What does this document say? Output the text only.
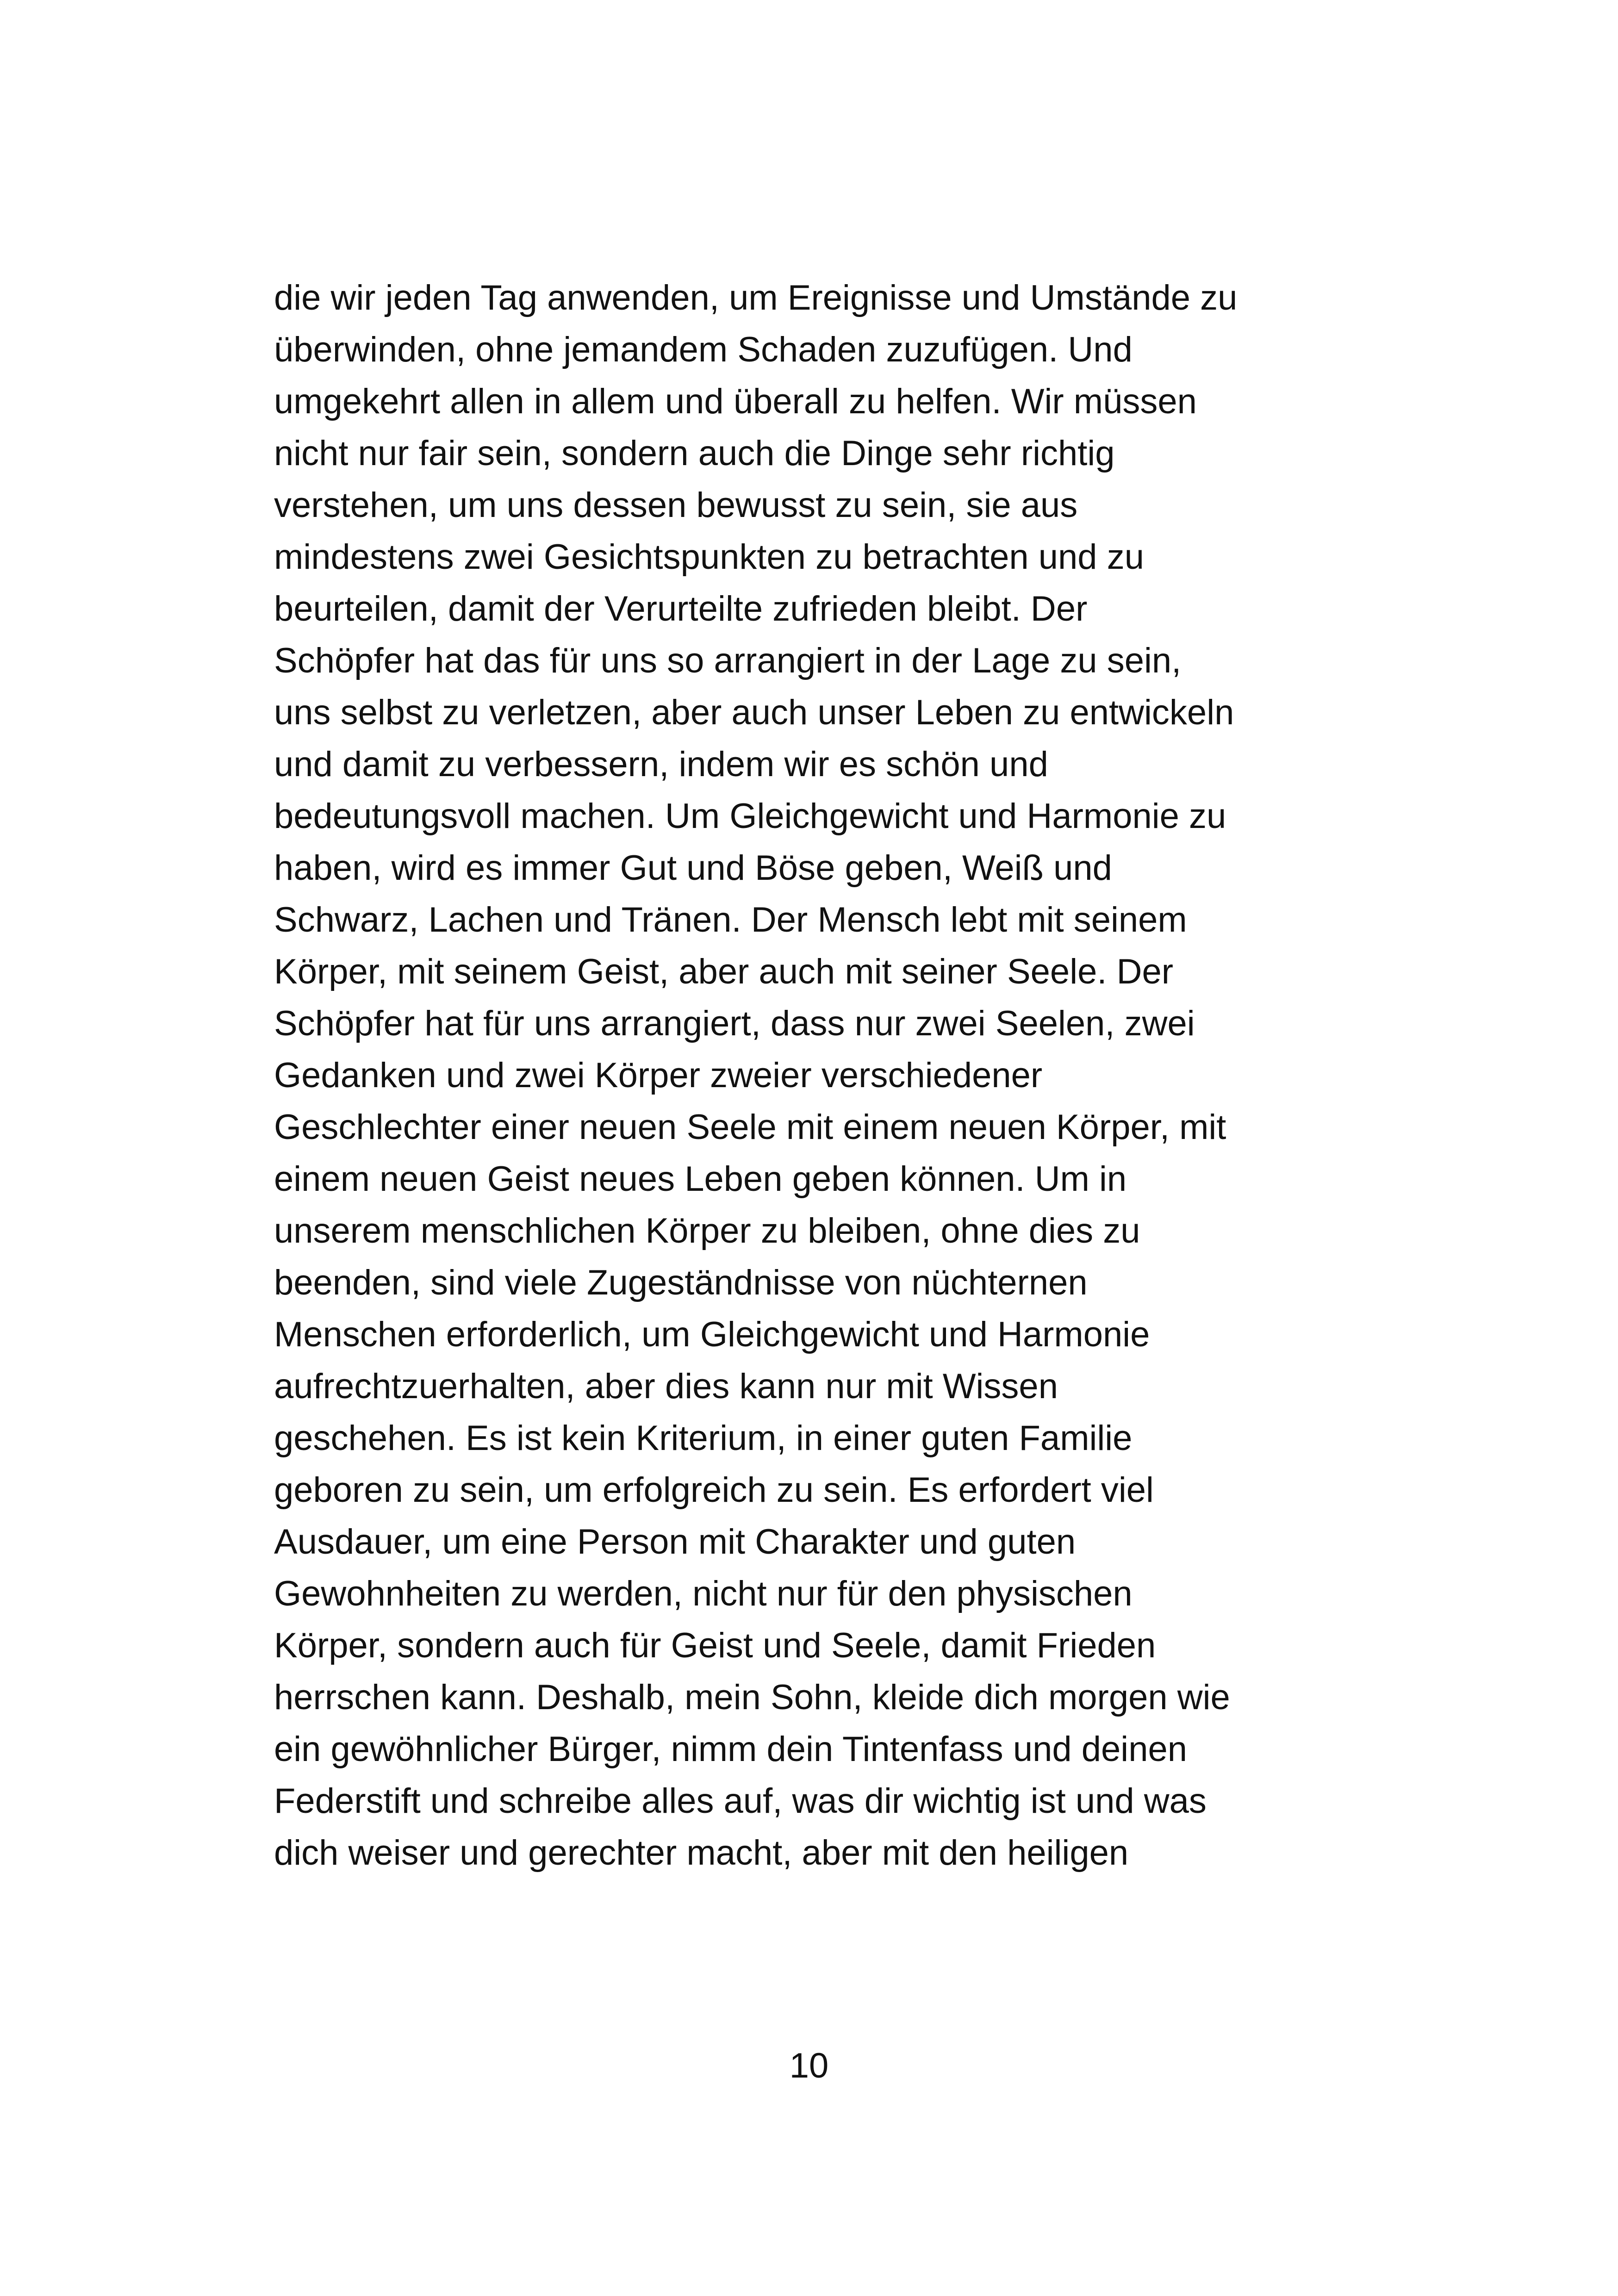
die wir jeden Tag anwenden, um Ereignisse und Umstände zu
überwinden, ohne jemandem Schaden zuzufügen. Und
umgekehrt allen in allem und überall zu helfen. Wir müssen
nicht nur fair sein, sondern auch die Dinge sehr richtig
verstehen, um uns dessen bewusst zu sein, sie aus
mindestens zwei Gesichtspunkten zu betrachten und zu
beurteilen, damit der Verurteilte zufrieden bleibt. Der
Schöpfer hat das für uns so arrangiert in der Lage zu sein,
uns selbst zu verletzen, aber auch unser Leben zu entwickeln
und damit zu verbessern, indem wir es schön und
bedeutungsvoll machen. Um Gleichgewicht und Harmonie zu
haben, wird es immer Gut und Böse geben, Weiß und
Schwarz, Lachen und Tränen. Der Mensch lebt mit seinem
Körper, mit seinem Geist, aber auch mit seiner Seele. Der
Schöpfer hat für uns arrangiert, dass nur zwei Seelen, zwei
Gedanken und zwei Körper zweier verschiedener
Geschlechter einer neuen Seele mit einem neuen Körper, mit
einem neuen Geist neues Leben geben können. Um in
unserem menschlichen Körper zu bleiben, ohne dies zu
beenden, sind viele Zugeständnisse von nüchternen
Menschen erforderlich, um Gleichgewicht und Harmonie
aufrechtzuerhalten, aber dies kann nur mit Wissen
geschehen. Es ist kein Kriterium, in einer guten Familie
geboren zu sein, um erfolgreich zu sein. Es erfordert viel
Ausdauer, um eine Person mit Charakter und guten
Gewohnheiten zu werden, nicht nur für den physischen
Körper, sondern auch für Geist und Seele, damit Frieden
herrschen kann. Deshalb, mein Sohn, kleide dich morgen wie
ein gewöhnlicher Bürger, nimm dein Tintenfass und deinen
Federstift und schreibe alles auf, was dir wichtig ist und was
dich weiser und gerechter macht, aber mit den heiligen
10
